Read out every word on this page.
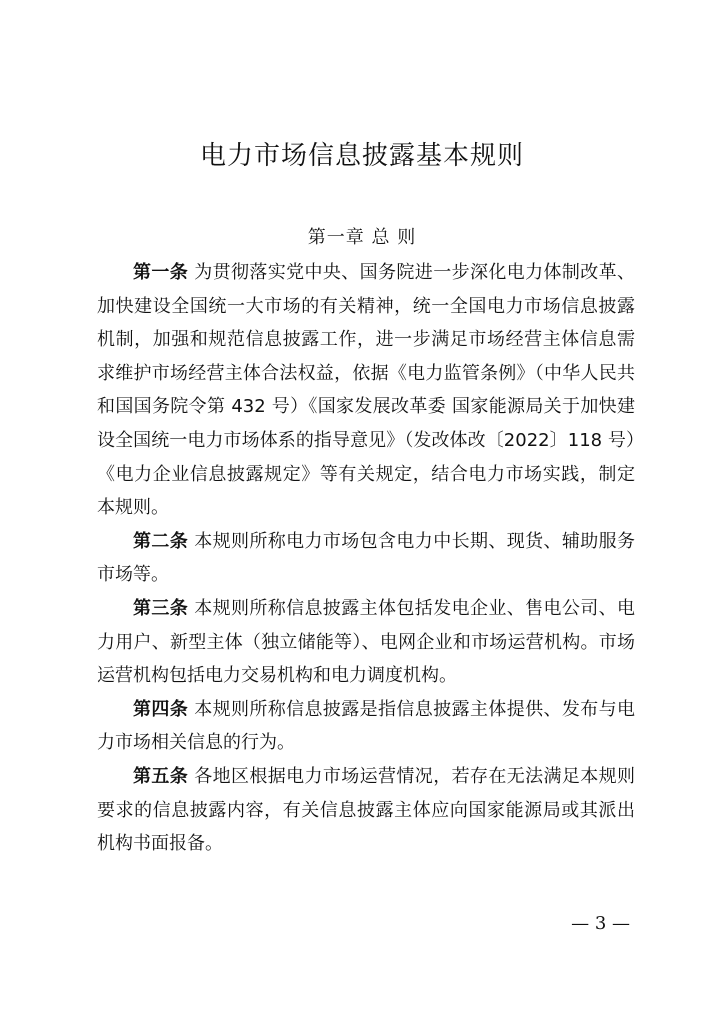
电力市场信息披露基本规则
第一章 总 则

第一条 为贯彻落实党中央、国务院进一步深化电力体制改革、加快建设全国统一大市场的有关精神，统一全国电力市场信息披露机制，加强和规范信息披露工作，进一步满足市场经营主体信息需求维护市场经营主体合法权益，依据《电力监管条例》（中华人民共和国国务院令第 432 号）《国家发展改革委 国家能源局关于加快建设全国统一电力市场体系的指导意见》（发改体改〔2022〕118 号）《电力企业信息披露规定》等有关规定，结合电力市场实践，制定本规则。

第二条 本规则所称电力市场包含电力中长期、现货、辅助服务市场等。

第三条 本规则所称信息披露主体包括发电企业、售电公司、电力用户、新型主体（独立储能等）、电网企业和市场运营机构。市场运营机构包括电力交易机构和电力调度机构。

第四条 本规则所称信息披露是指信息披露主体提供、发布与电力市场相关信息的行为。

第五条 各地区根据电力市场运营情况，若存在无法满足本规则要求的信息披露内容，有关信息披露主体应向国家能源局或其派出机构书面报备。

— 3 —
